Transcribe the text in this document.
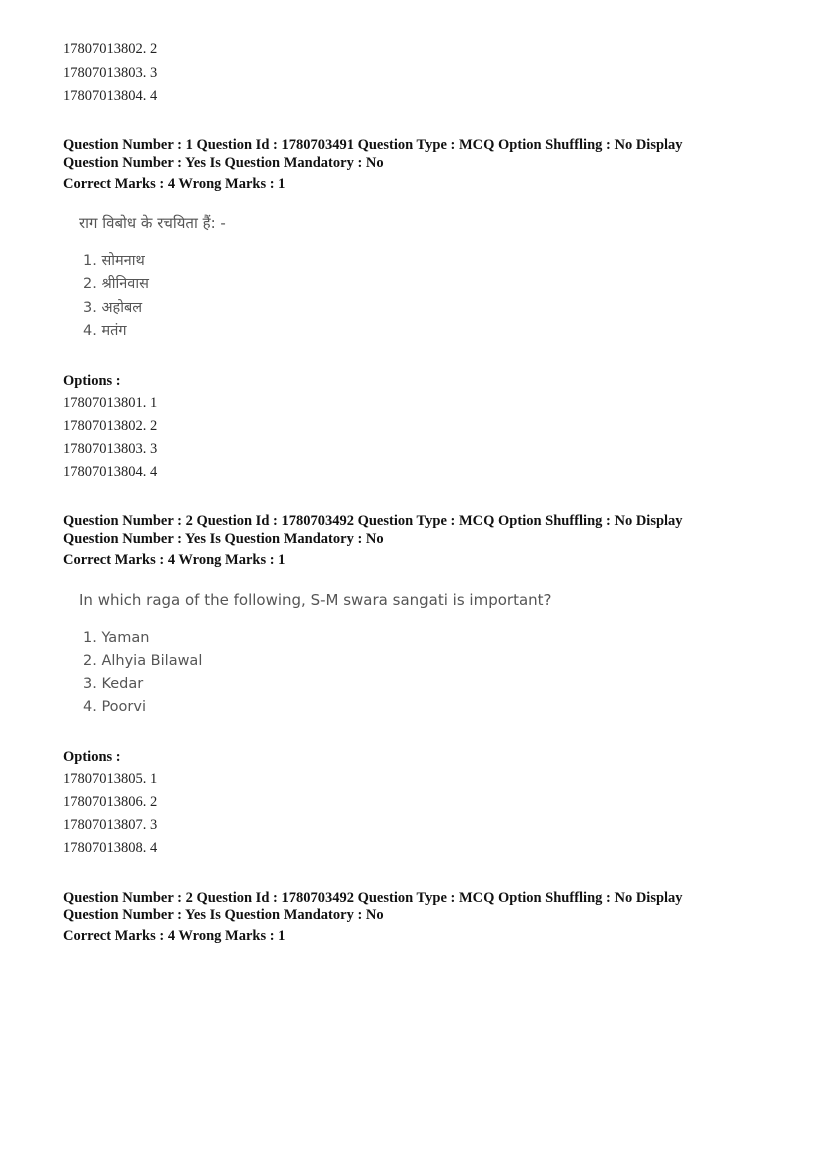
17807013802. 2
17807013803. 3
17807013804. 4
Question Number : 1 Question Id : 1780703491 Question Type : MCQ Option Shuffling : No Display
Question Number : Yes Is Question Mandatory : No
Correct Marks : 4 Wrong Marks : 1
राग विबोध के रचयिता हैं: -
1. सोमनाथ
2. श्रीनिवास
3. अहोबल
4. मतंग
Options :
17807013801. 1
17807013802. 2
17807013803. 3
17807013804. 4
Question Number : 2 Question Id : 1780703492 Question Type : MCQ Option Shuffling : No Display
Question Number : Yes Is Question Mandatory : No
Correct Marks : 4 Wrong Marks : 1
In which raga of the following, S-M swara sangati is important?
1. Yaman
2. Alhyia Bilawal
3. Kedar
4. Poorvi
Options :
17807013805. 1
17807013806. 2
17807013807. 3
17807013808. 4
Question Number : 2 Question Id : 1780703492 Question Type : MCQ Option Shuffling : No Display
Question Number : Yes Is Question Mandatory : No
Correct Marks : 4 Wrong Marks : 1
